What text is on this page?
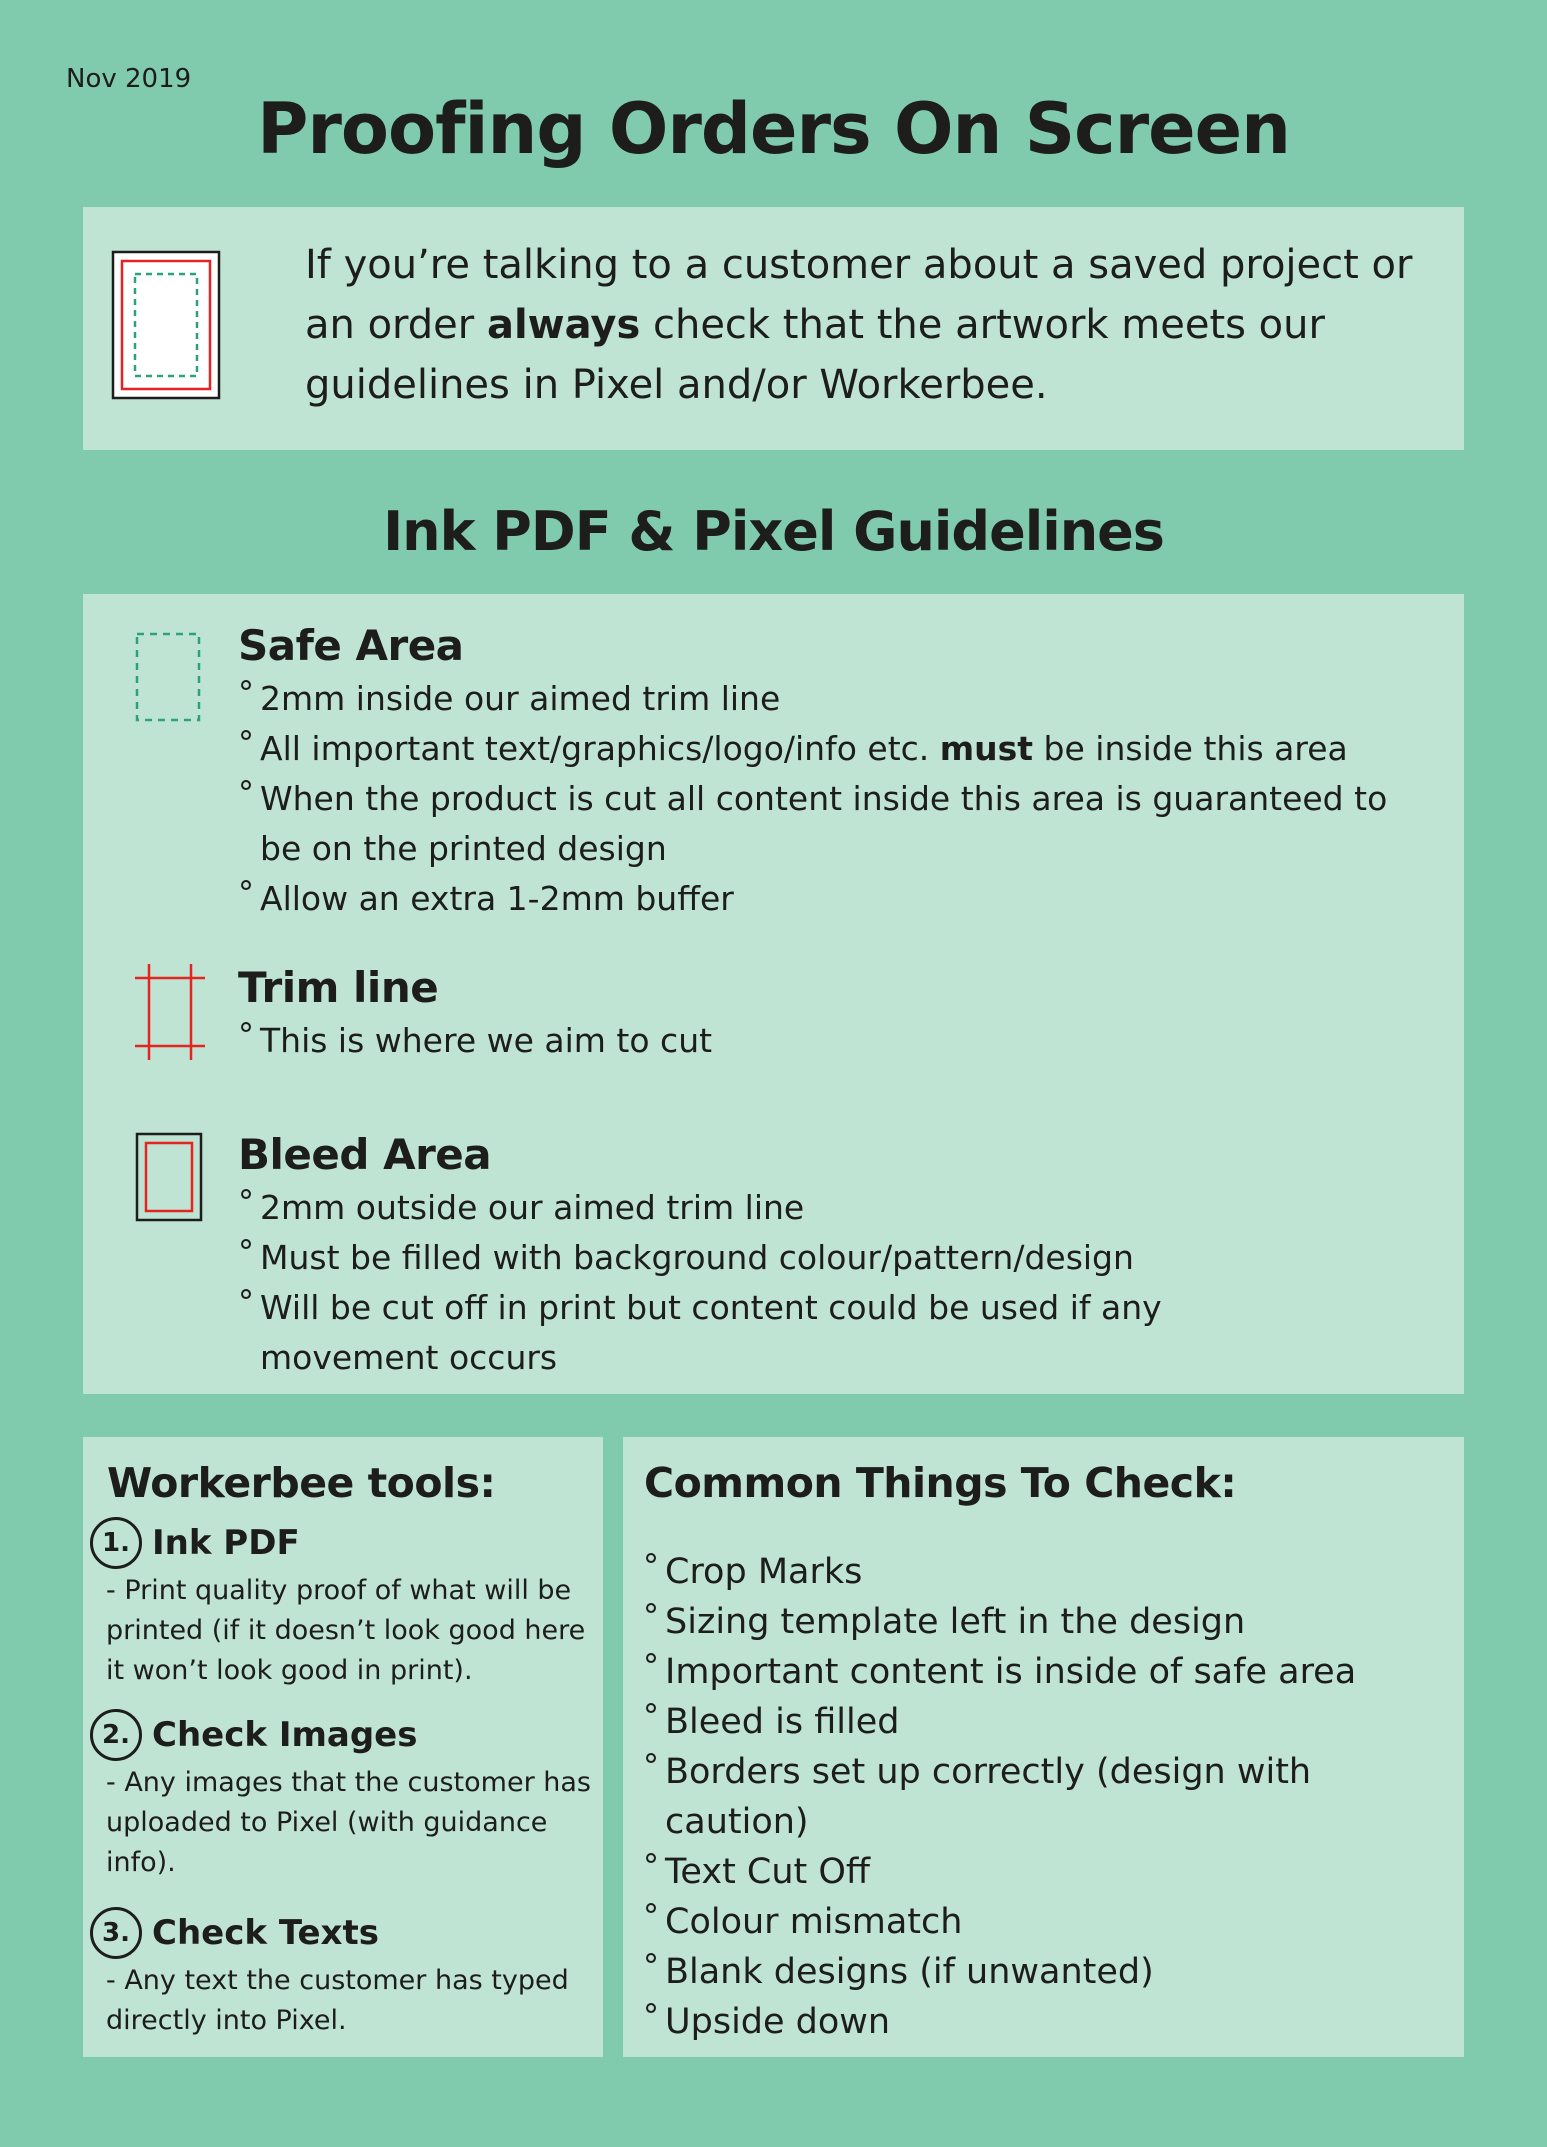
Nov 2019
Proofing Orders On Screen
If you’re talking to a customer about a saved project or an order always check that the artwork meets our guidelines in Pixel and/or Workerbee.
Ink PDF & Pixel Guidelines
Safe Area
° 2mm inside our aimed trim line
° All important text/graphics/logo/info etc. must be inside this area
° When the product is cut all content inside this area is guaranteed to be on the printed design
° Allow an extra 1-2mm buffer
Trim line
° This is where we aim to cut
Bleed Area
° 2mm outside our aimed trim line
° Must be filled with background colour/pattern/design
° Will be cut off in print but content could be used if any movement occurs
Workerbee tools:
1. Ink PDF
- Print quality proof of what will be printed (if it doesn’t look good here it won’t look good in print).
2. Check Images
- Any images that the customer has uploaded to Pixel (with guidance info).
3. Check Texts
- Any text the customer has typed directly into Pixel.
Common Things To Check:
° Crop Marks
° Sizing template left in the design
° Important content is inside of safe area
° Bleed is filled
° Borders set up correctly (design with caution)
° Text Cut Off
° Colour mismatch
° Blank designs (if unwanted)
° Upside down
